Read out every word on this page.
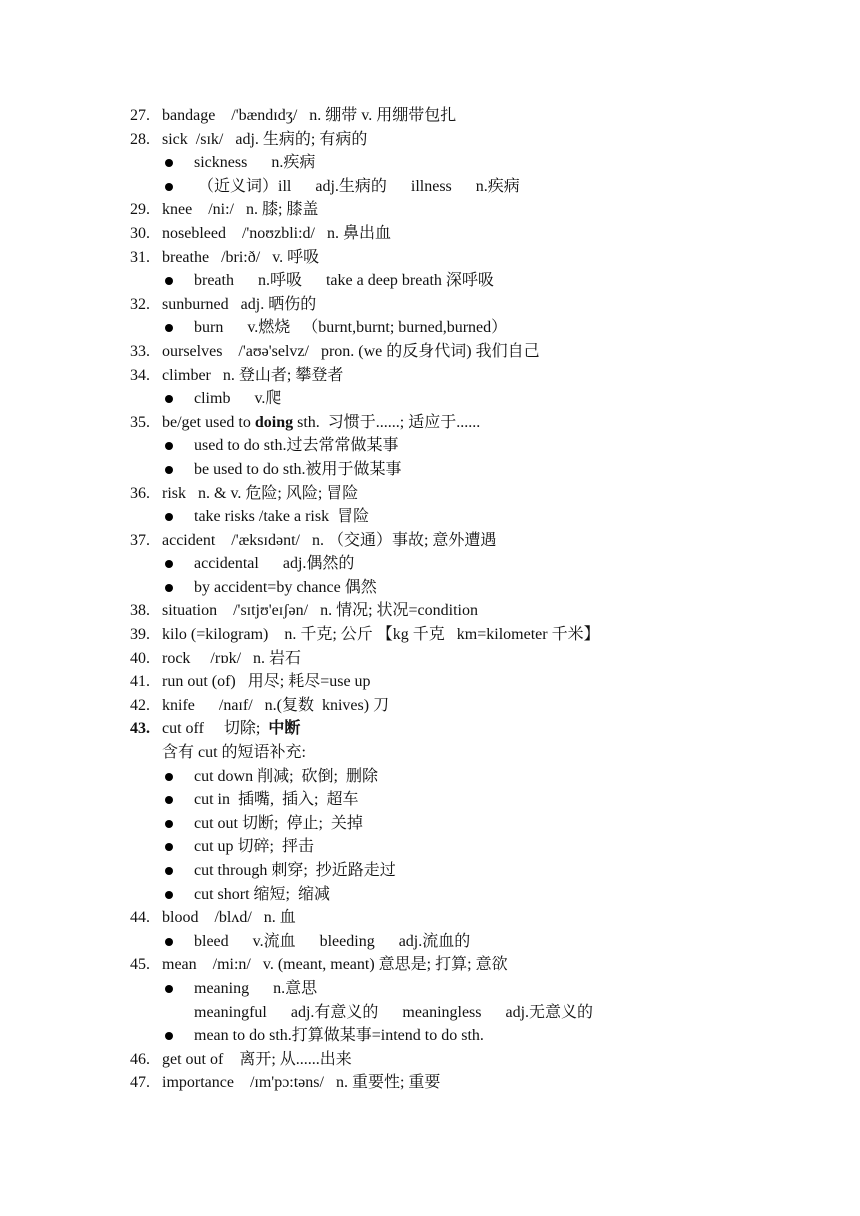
27. bandage    /'bændɪdʒ/   n. 绷带 v. 用绷带包扎
28. sick  /sɪk/   adj. 生病的; 有病的
sickness      n.疾病
（近义词）ill      adj.生病的      illness      n.疾病
29. knee    /ni:/   n. 膝; 膝盖
30. nosebleed    /'noʊzbli:d/   n. 鼻出血
31. breathe   /bri:ð/   v. 呼吸
breath      n.呼吸      take a deep breath 深呼吸
32. sunburned   adj. 晒伤的
burn      v.燃烧   （burnt,burnt; burned,burned）
33. ourselves    /'aʊə'selvz/   pron. (we 的反身代词) 我们自己
34. climber   n. 登山者; 攀登者
climb      v.爬
35. be/get used to doing sth.  习惯于......; 适应于......
used to do sth.过去常常做某事
be used to do sth.被用于做某事
36. risk   n. & v. 危险; 风险; 冒险
take risks /take a risk  冒险
37. accident    /'æksɪdənt/   n. （交通）事故; 意外遭遇
accidental      adj.偶然的
by accident=by chance 偶然
38. situation    /'sɪtjʊ'eɪʃən/   n. 情况; 状况=condition
39. kilo (=kilogram)    n. 千克; 公斤 【kg 千克   km=kilometer 千米】
40. rock     /rɒk/   n. 岩石
41. run out (of)   用尽; 耗尽=use up
42. knife      /naɪf/   n.(复数  knives) 刀
43. cut off     切除;  中断
含有 cut 的短语补充:
cut down 削减;  砍倒;  删除
cut in  插嘴,  插入;  超车
cut out 切断;  停止;  关掉
cut up 切碎;  抨击
cut through 刺穿;  抄近路走过
cut short 缩短;  缩减
44. blood    /blʌd/   n. 血
bleed      v.流血      bleeding      adj.流血的
45. mean    /mi:n/   v. (meant, meant) 意思是; 打算; 意欲
meaning      n.意思
meaningful      adj.有意义的      meaningless      adj.无意义的
mean to do sth.打算做某事=intend to do sth.
46. get out of    离开; 从......出来
47. importance    /ɪm'pɔ:təns/   n. 重要性; 重要
